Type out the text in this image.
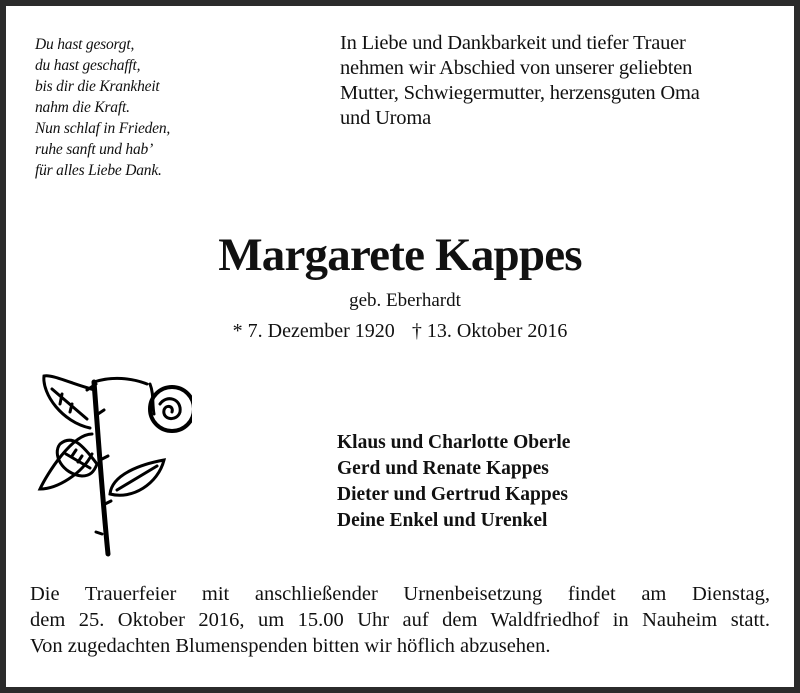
Du hast gesorgt,
du hast geschafft,
bis dir die Krankheit
nahm die Kraft.
Nun schlaf in Frieden,
ruhe sanft und hab’
für alles Liebe Dank.
In Liebe und Dankbarkeit und tiefer Trauer
nehmen wir Abschied von unserer geliebten
Mutter, Schwiegermutter, herzensguten Oma
und Uroma
Margarete Kappes
geb. Eberhardt
* 7. Dezember 1920 † 13. Oktober 2016
Klaus und Charlotte Oberle
Gerd und Renate Kappes
Dieter und Gertrud Kappes
Deine Enkel und Urenkel
Die Trauerfeier mit anschließender Urnenbeisetzung findet am Dienstag,
dem 25. Oktober 2016, um 15.00 Uhr auf dem Waldfriedhof in Nauheim statt.
Von zugedachten Blumenspenden bitten wir höflich abzusehen.
